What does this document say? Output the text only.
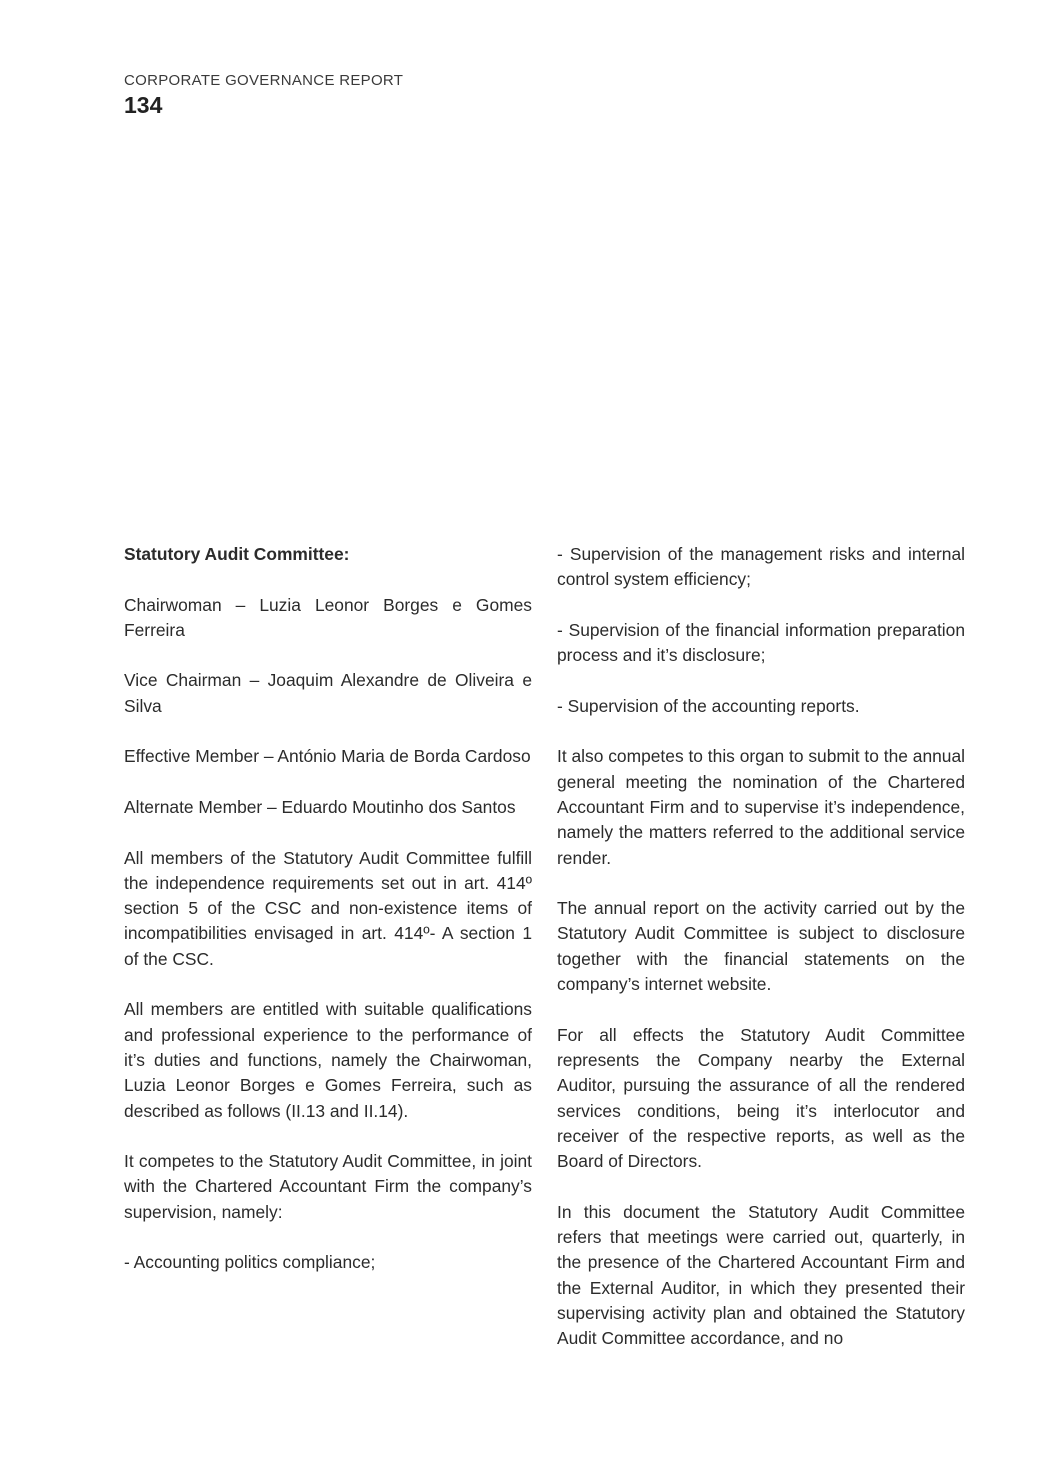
CORPORATE GOVERNANCE REPORT
134

Statutory Audit Committee:

Chairwoman – Luzia Leonor Borges e Gomes Ferreira

Vice Chairman – Joaquim Alexandre de Oliveira e Silva

Effective Member – António Maria de Borda Cardoso

Alternate Member – Eduardo Moutinho dos Santos

All members of the Statutory Audit Committee fulfill the independence requirements set out in art. 414º section 5 of the CSC and non-existence items of incompatibilities envisaged in art. 414º- A section 1 of the CSC.

All members are entitled with suitable qualifications and professional experience to the performance of it’s duties and functions, namely the Chairwoman, Luzia Leonor Borges e Gomes Ferreira, such as described as follows (II.13 and II.14).

It competes to the Statutory Audit Committee, in joint with the Chartered Accountant Firm the company’s supervision, namely:

- Accounting politics compliance;

- Supervision of the management risks and internal control system efficiency;

- Supervision of the financial information preparation process and it’s disclosure;

- Supervision of the accounting reports.

It also competes to this organ to submit to the annual general meeting the nomination of the Chartered Accountant Firm and to supervise it’s independence, namely the matters referred to the additional service render.

The annual report on the activity carried out by the Statutory Audit Committee is subject to disclosure together with the financial statements on the company’s internet website.

For all effects the Statutory Audit Committee represents the Company nearby the External Auditor, pursuing the assurance of all the rendered services conditions, being it’s interlocutor and receiver of the respective reports, as well as the Board of Directors.

In this document the Statutory Audit Committee refers that meetings were carried out, quarterly, in the presence of the Chartered Accountant Firm and the External Auditor, in which they presented their supervising activity plan and obtained the Statutory Audit Committee accordance, and no
